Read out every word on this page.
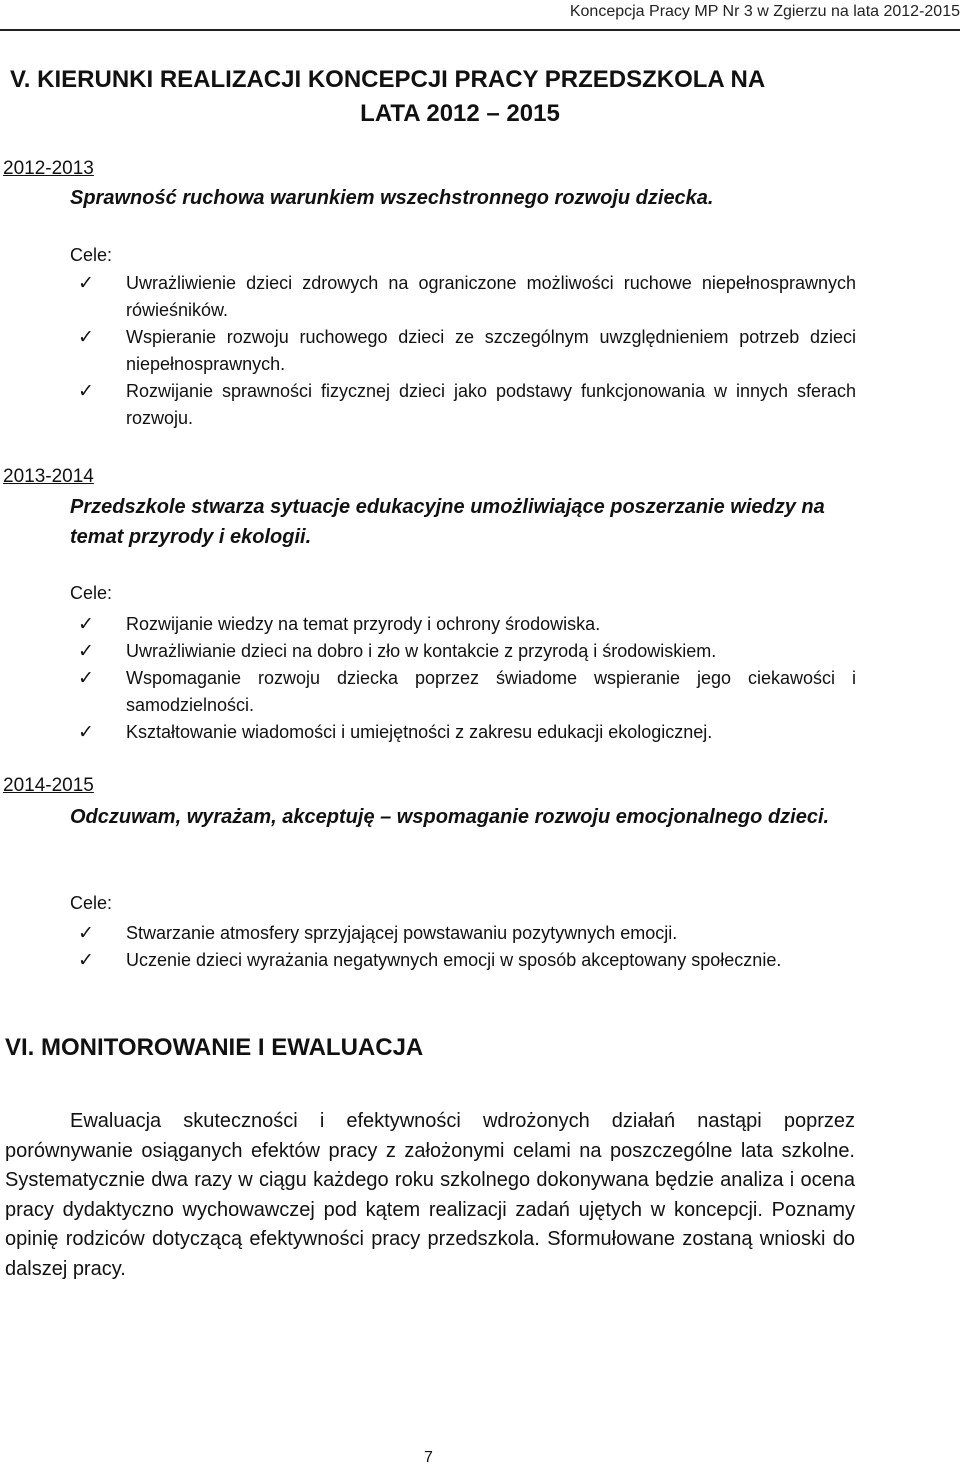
Koncepcja Pracy MP Nr 3 w Zgierzu na lata 2012-2015
V. KIERUNKI REALIZACJI KONCEPCJI PRACY PRZEDSZKOLA NA
LATA 2012 – 2015
2012-2013
Sprawność ruchowa warunkiem wszechstronnego rozwoju dziecka.
Cele:
✓ Uwrażliwienie dzieci zdrowych na ograniczone możliwości ruchowe niepełnosprawnych rówieśników.
✓ Wspieranie rozwoju ruchowego dzieci ze szczególnym uwzględnieniem potrzeb dzieci niepełnosprawnych.
✓ Rozwijanie sprawności fizycznej dzieci jako podstawy funkcjonowania w innych sferach rozwoju.
2013-2014
Przedszkole stwarza sytuacje edukacyjne umożliwiające poszerzanie wiedzy na temat przyrody i ekologii.
Cele:
✓ Rozwijanie wiedzy na temat przyrody i ochrony środowiska.
✓ Uwrażliwianie dzieci na dobro i zło w kontakcie z przyrodą i środowiskiem.
✓ Wspomaganie rozwoju dziecka poprzez świadome wspieranie jego ciekawości i samodzielności.
✓ Kształtowanie wiadomości i umiejętności z zakresu edukacji ekologicznej.
2014-2015
Odczuwam, wyrażam, akceptuję – wspomaganie rozwoju emocjonalnego dzieci.
Cele:
✓ Stwarzanie atmosfery sprzyjającej powstawaniu pozytywnych emocji.
✓ Uczenie dzieci wyrażania negatywnych emocji w sposób akceptowany społecznie.
VI. MONITOROWANIE I EWALUACJA

Ewaluacja skuteczności i efektywności wdrożonych działań nastąpi poprzez porównywanie osiąganych efektów pracy z założonymi celami na poszczególne lata szkolne. Systematycznie dwa razy w ciągu każdego roku szkolnego dokonywana będzie analiza i ocena pracy dydaktyczno wychowawczej pod kątem realizacji zadań ujętych w koncepcji. Poznamy opinię rodziców dotyczącą efektywności pracy przedszkola. Sformułowane zostaną wnioski do dalszej pracy.

7
